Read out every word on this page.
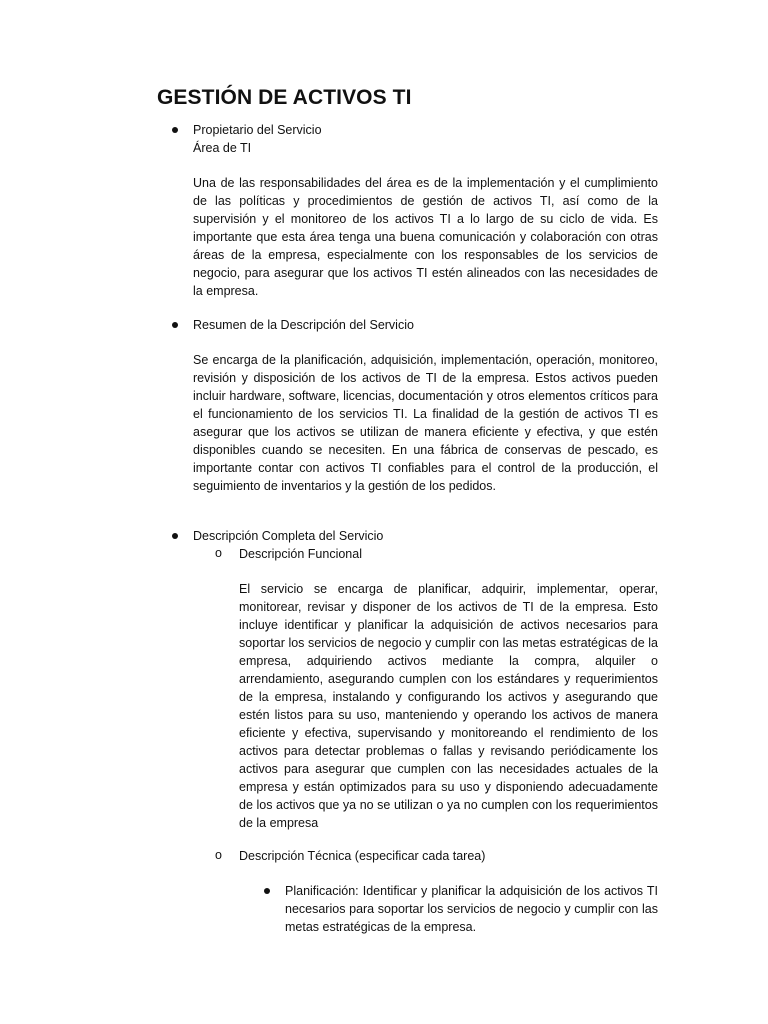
GESTIÓN DE ACTIVOS TI
Propietario del Servicio
Área de TI

Una de las responsabilidades del área es de la implementación y el cumplimiento de las políticas y procedimientos de gestión de activos TI, así como de la supervisión y el monitoreo de los activos TI a lo largo de su ciclo de vida. Es importante que esta área tenga una buena comunicación y colaboración con otras áreas de la empresa, especialmente con los responsables de los servicios de negocio, para asegurar que los activos TI estén alineados con las necesidades de la empresa.

Resumen de la Descripción del Servicio

Se encarga de la planificación, adquisición, implementación, operación, monitoreo, revisión y disposición de los activos de TI de la empresa. Estos activos pueden incluir hardware, software, licencias, documentación y otros elementos críticos para el funcionamiento de los servicios TI. La finalidad de la gestión de activos TI es asegurar que los activos se utilizan de manera eficiente y efectiva, y que estén disponibles cuando se necesiten. En una fábrica de conservas de pescado, es importante contar con activos TI confiables para el control de la producción, el seguimiento de inventarios y la gestión de los pedidos.

Descripción Completa del Servicio
o Descripción Funcional

El servicio se encarga de planificar, adquirir, implementar, operar, monitorear, revisar y disponer de los activos de TI de la empresa. Esto incluye identificar y planificar la adquisición de activos necesarios para soportar los servicios de negocio y cumplir con las metas estratégicas de la empresa, adquiriendo activos mediante la compra, alquiler o arrendamiento, asegurando cumplen con los estándares y requerimientos de la empresa, instalando y configurando los activos y asegurando que estén listos para su uso, manteniendo y operando los activos de manera eficiente y efectiva, supervisando y monitoreando el rendimiento de los activos para detectar problemas o fallas y revisando periódicamente los activos para asegurar que cumplen con las necesidades actuales de la empresa y están optimizados para su uso y disponiendo adecuadamente de los activos que ya no se utilizan o ya no cumplen con los requerimientos de la empresa

o Descripción Técnica (especificar cada tarea)

Planificación: Identificar y planificar la adquisición de los activos TI necesarios para soportar los servicios de negocio y cumplir con las metas estratégicas de la empresa.
